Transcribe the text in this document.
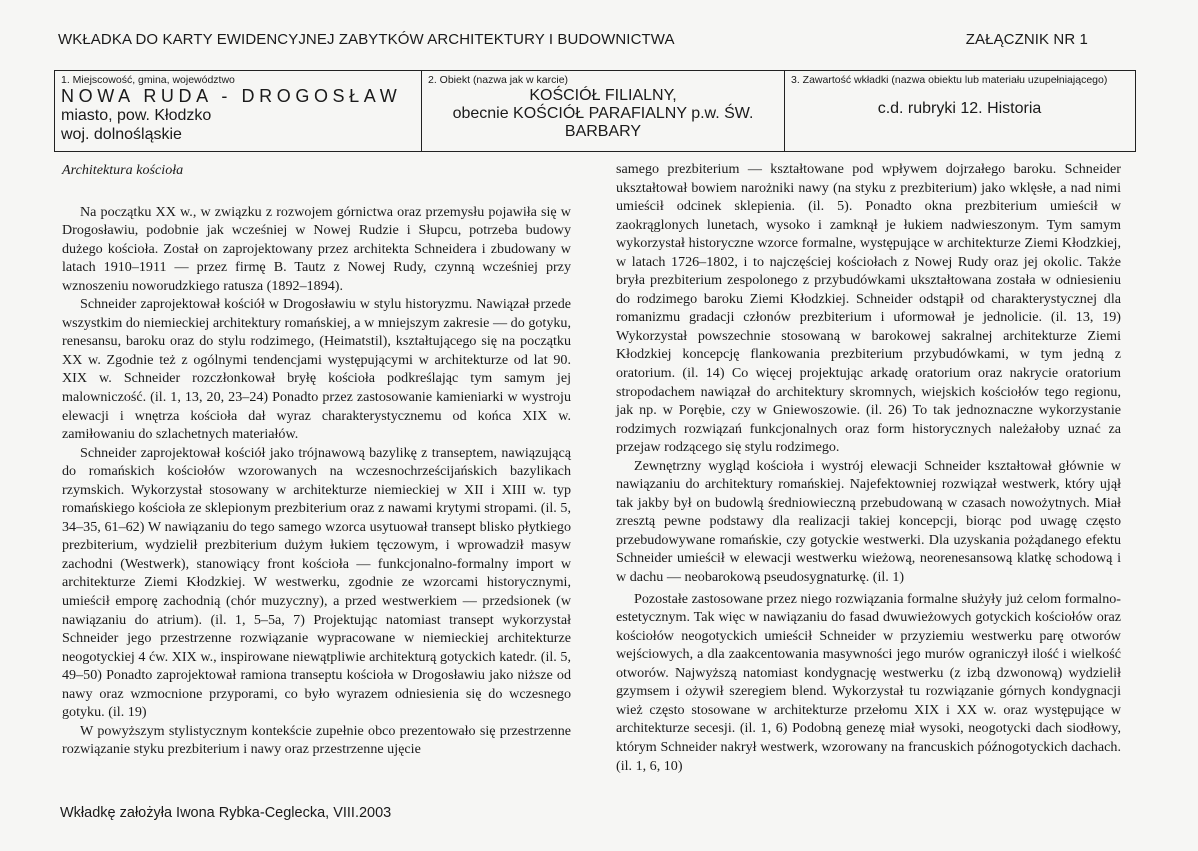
WKŁADKA DO KARTY EWIDENCYJNEJ ZABYTKÓW ARCHITEKTURY I BUDOWNICTWA	ZAŁĄCZNIK NR 1
1. Miejscowość, gmina, województwo
NOWA RUDA - DROGOSŁAW
miasto, pow. Kłodzko
woj. dolnośląskie
2. Obiekt (nazwa jak w karcie)
KOŚCIÓŁ FILIALNY,
obecnie KOŚCIÓŁ PARAFIALNY p.w. ŚW.
BARBARY
3. Zawartość wkładki (nazwa obiektu lub materiału uzupełniającego)
c.d. rubryki 12. Historia

Architektura kościoła

Na początku XX w., w związku z rozwojem górnictwa oraz przemysłu pojawiła się w Drogosławiu, podobnie jak wcześniej w Nowej Rudzie i Słupcu, potrzeba budowy dużego kościoła. Został on zaprojektowany przez architekta Schneidera i zbudowany w latach 1910–1911 — przez firmę B. Tautz z Nowej Rudy, czynną wcześniej przy wznoszeniu noworudzkiego ratusza (1892–1894).

Schneider zaprojektował kościół w Drogosławiu w stylu historyzmu. Nawiązał przede wszystkim do niemieckiej architektury romańskiej, a w mniejszym zakresie — do gotyku, renesansu, baroku oraz do stylu rodzimego, (Heimatstil), kształtującego się na początku XX w. Zgodnie też z ogólnymi tendencjami występującymi w architekturze od lat 90. XIX w. Schneider rozczłonkował bryłę kościoła podkreślając tym samym jej malowniczość. (il. 1, 13, 20, 23–24) Ponadto przez zastosowanie kamieniarki w wystroju elewacji i wnętrza kościoła dał wyraz charakterystycznemu od końca XIX w. zamiłowaniu do szlachetnych materiałów.

Schneider zaprojektował kościół jako trójnawową bazylikę z transeptem, nawiązującą do romańskich kościołów wzorowanych na wczesnochrześcijańskich bazylikach rzymskich. Wykorzystał stosowany w architekturze niemieckiej w XII i XIII w. typ romańskiego kościoła ze sklepionym prezbiterium oraz z nawami krytymi stropami. (il. 5, 34–35, 61–62) W nawiązaniu do tego samego wzorca usytuował transept blisko płytkiego prezbiterium, wydzielił prezbiterium dużym łukiem tęczowym, i wprowadził masyw zachodni (Westwerk), stanowiący front kościoła — funkcjonalno-formalny import w architekturze Ziemi Kłodzkiej. W westwerku, zgodnie ze wzorcami historycznymi, umieścił emporę zachodnią (chór muzyczny), a przed westwerkiem — przedsionek (w nawiązaniu do atrium). (il. 1, 5–5a, 7) Projektując natomiast transept wykorzystał Schneider jego przestrzenne rozwiązanie wypracowane w niemieckiej architekturze neogotyckiej 4 ćw. XIX w., inspirowane niewątpliwie architekturą gotyckich katedr. (il. 5, 49–50) Ponadto zaprojektował ramiona transeptu kościoła w Drogosławiu jako niższe od nawy oraz wzmocnione przyporami, co było wyrazem odniesienia się do wczesnego gotyku. (il. 19)

W powyższym stylistycznym kontekście zupełnie obco prezentowało się przestrzenne rozwiązanie styku prezbiterium i nawy oraz przestrzenne ujęcie

samego prezbiterium — kształtowane pod wpływem dojrzałego baroku. Schneider ukształtował bowiem narożniki nawy (na styku z prezbiterium) jako wklęsłe, a nad nimi umieścił odcinek sklepienia. (il. 5). Ponadto okna prezbiterium umieścił w zaokrąglonych lunetach, wysoko i zamknął je łukiem nadwieszonym. Tym samym wykorzystał historyczne wzorce formalne, występujące w architekturze Ziemi Kłodzkiej, w latach 1726–1802, i to najczęściej kościołach z Nowej Rudy oraz jej okolic. Także bryła prezbiterium zespolonego z przybudówkami ukształtowana została w odniesieniu do rodzimego baroku Ziemi Kłodzkiej. Schneider odstąpił od charakterystycznej dla romanizmu gradacji członów prezbiterium i uformował je jednolicie. (il. 13, 19) Wykorzystał powszechnie stosowaną w barokowej sakralnej architekturze Ziemi Kłodzkiej koncepcję flankowania prezbiterium przybudówkami, w tym jedną z oratorium. (il. 14) Co więcej projektując arkadę oratorium oraz nakrycie oratorium stropodachem nawiązał do architektury skromnych, wiejskich kościołów tego regionu, jak np. w Porębie, czy w Gniewoszowie. (il. 26) To tak jednoznaczne wykorzystanie rodzimych rozwiązań funkcjonalnych oraz form historycznych należałoby uznać za przejaw rodzącego się stylu rodzimego.

Zewnętrzny wygląd kościoła i wystrój elewacji Schneider kształtował głównie w nawiązaniu do architektury romańskiej. Najefektowniej rozwiązał westwerk, który ujął tak jakby był on budowlą średniowieczną przebudowaną w czasach nowożytnych. Miał zresztą pewne podstawy dla realizacji takiej koncepcji, biorąc pod uwagę często przebudowywane romańskie, czy gotyckie westwerki. Dla uzyskania pożądanego efektu Schneider umieścił w elewacji westwerku wieżową, neorenesansową klatkę schodową i w dachu — neobarokową pseudosygnaturkę. (il. 1)

Pozostałe zastosowane przez niego rozwiązania formalne służyły już celom formalno-estetycznym. Tak więc w nawiązaniu do fasad dwuwieżowych gotyckich kościołów oraz kościołów neogotyckich umieścił Schneider w przyziemiu westwerku parę otworów wejściowych, a dla zaakcentowania masywności jego murów ograniczył ilość i wielkość otworów. Najwyższą natomiast kondygnację westwerku (z izbą dzwonową) wydzielił gzymsem i ożywił szeregiem blend. Wykorzystał tu rozwiązanie górnych kondygnacji wież często stosowane w architekturze przełomu XIX i XX w. oraz występujące w architekturze secesji. (il. 1, 6) Podobną genezę miał wysoki, neogotycki dach siodłowy, którym Schneider nakrył westwerk, wzorowany na francuskich późnogotyckich dachach. (il. 1, 6, 10)

Wkładkę założyła Iwona Rybka-Ceglecka, VIII.2003
